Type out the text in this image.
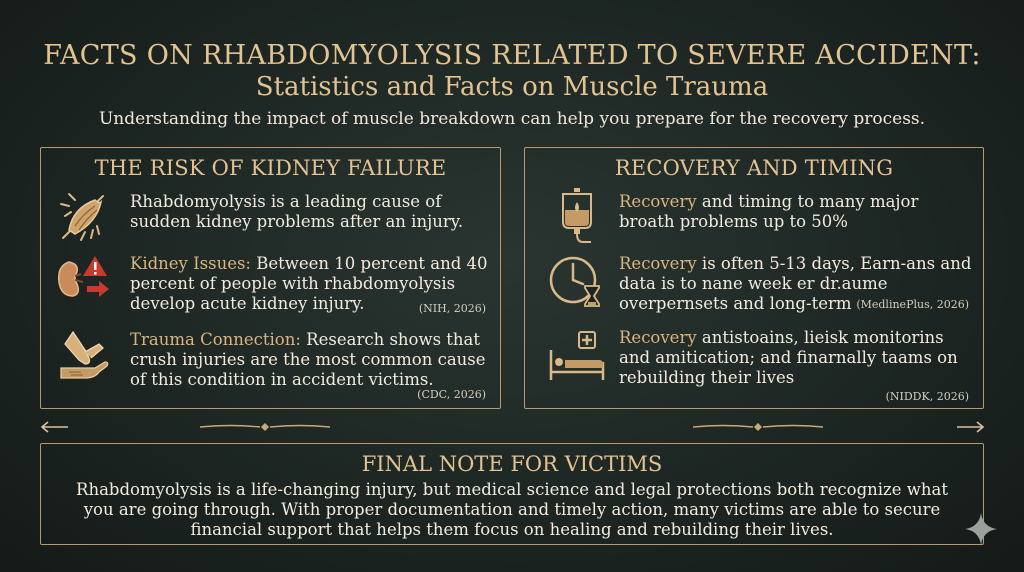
FACTS ON RHABDOMYOLYSIS RELATED TO SEVERE ACCIDENT:
Statistics and Facts on Muscle Trauma
Understanding the impact of muscle breakdown can help you prepare for the recovery process.
THE RISK OF KIDNEY FAILURE
Rhabdomyolysis is a leading cause of sudden kidney problems after an injury.
Kidney Issues: Between 10 percent and 40 percent of people with rhabdomyolysis develop acute kidney injury.	(NIH, 2026)
Trauma Connection: Research shows that crush injuries are the most common cause of this condition in accident victims.
(CDC, 2026)
RECOVERY AND TIMING
Recovery and timing to many major broath problems up to 50%
Recovery is often 5-13 days, Earn-ans and data is to nane week er dr.aume overpernsets and long-term (MedlinePlus, 2026)
Recovery antistoains, lieisk monitorins and amitication; and finarnally taams on rebuilding their lives
(NIDDK, 2026)
FINAL NOTE FOR VICTIMS
Rhabdomyolysis is a life-changing injury, but medical science and legal protections both recognize what you are going through. With proper documentation and timely action, many victims are able to secure financial support that helps them focus on healing and rebuilding their lives.
